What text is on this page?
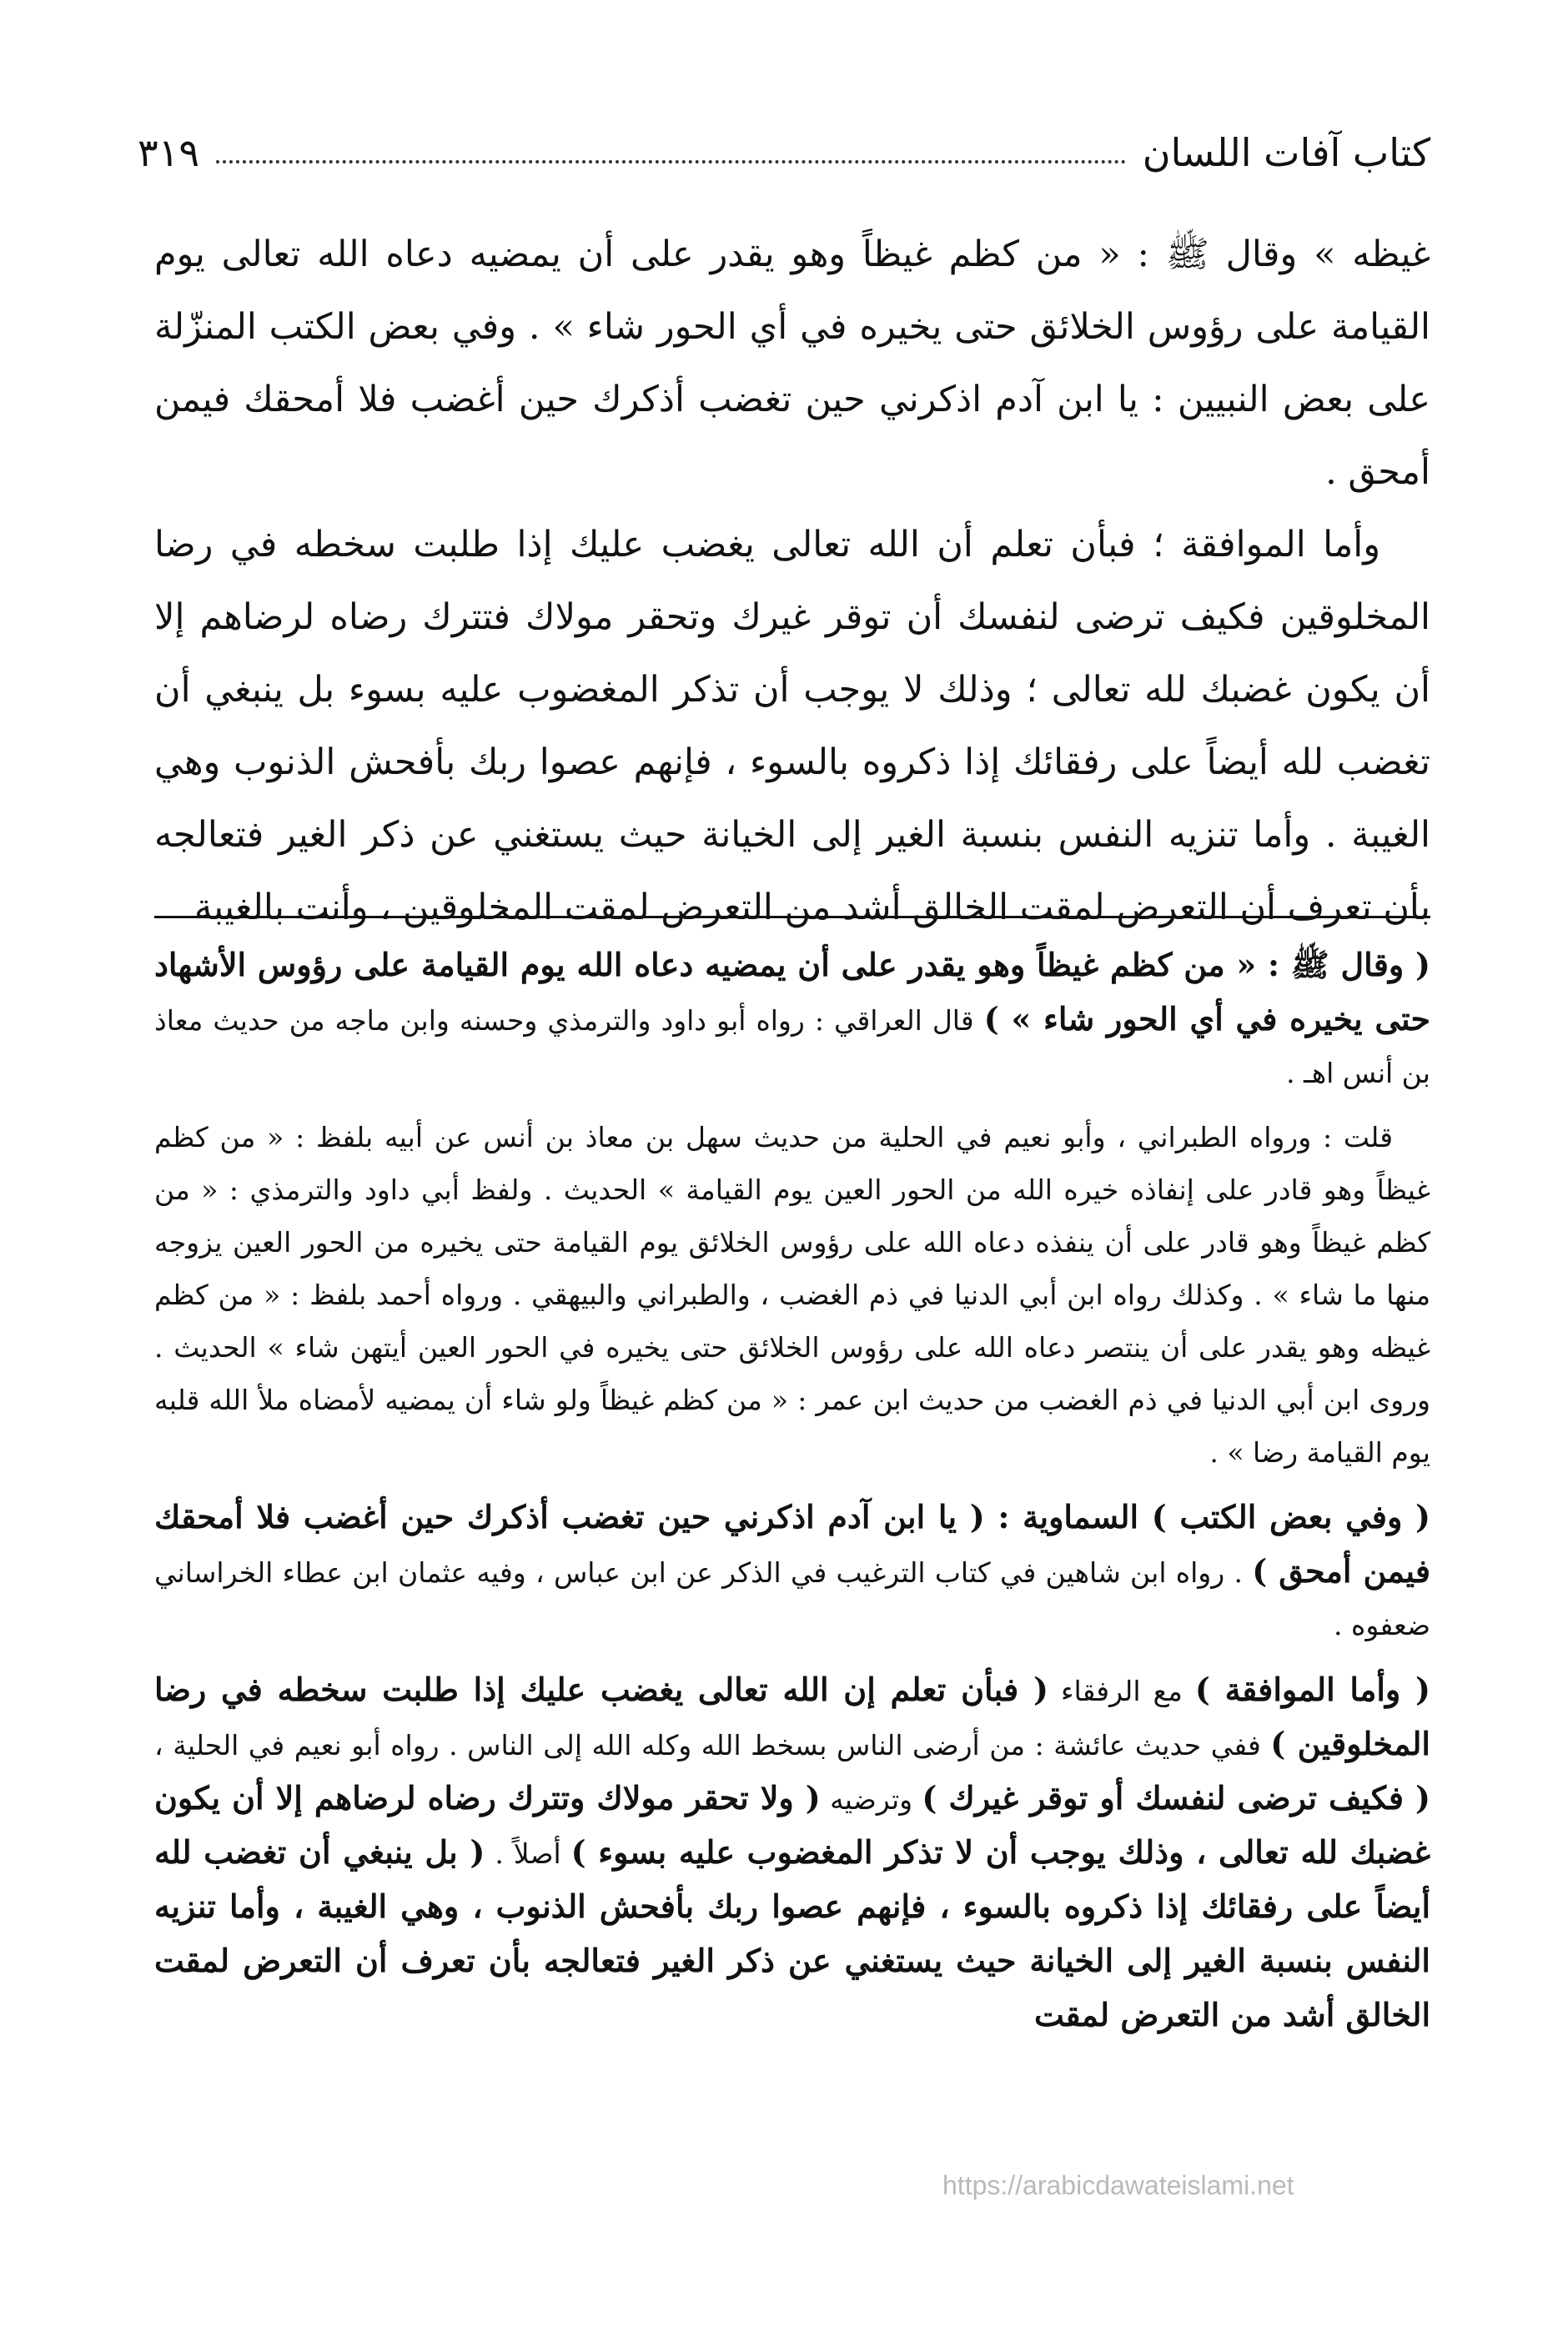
كتاب آفات اللسان
٣١٩

غيظه » وقال ﷺ : « من كظم غيظاً وهو يقدر على أن يمضيه دعاه الله تعالى يوم القيامة على رؤوس الخلائق حتى يخيره في أي الحور شاء » . وفي بعض الكتب المنزّلة على بعض النبيين : يا ابن آدم اذكرني حين تغضب أذكرك حين أغضب فلا أمحقك فيمن أمحق .

وأما الموافقة ؛ فبأن تعلم أن الله تعالى يغضب عليك إذا طلبت سخطه في رضا المخلوقين فكيف ترضى لنفسك أن توقر غيرك وتحقر مولاك فتترك رضاه لرضاهم إلا أن يكون غضبك لله تعالى ؛ وذلك لا يوجب أن تذكر المغضوب عليه بسوء بل ينبغي أن تغضب لله أيضاً على رفقائك إذا ذكروه بالسوء ، فإنهم عصوا ربك بأفحش الذنوب وهي الغيبة . وأما تنزيه النفس بنسبة الغير إلى الخيانة حيث يستغني عن ذكر الغير فتعالجه بأن تعرف أن التعرض لمقت الخالق أشد من التعرض لمقت المخلوقين ، وأنت بالغيبة

( وقال ﷺ : « من كظم غيظاً وهو يقدر على أن يمضيه دعاه الله يوم القيامة على رؤوس الأشهاد حتى يخيره في أي الحور شاء » ) قال العراقي : رواه أبو داود والترمذي وحسنه وابن ماجه من حديث معاذ بن أنس اهـ .

قلت : ورواه الطبراني ، وأبو نعيم في الحلية من حديث سهل بن معاذ بن أنس عن أبيه بلفظ : « من كظم غيظاً وهو قادر على إنفاذه خيره الله من الحور العين يوم القيامة » الحديث . ولفظ أبي داود والترمذي : « من كظم غيظاً وهو قادر على أن ينفذه دعاه الله على رؤوس الخلائق يوم القيامة حتى يخيره من الحور العين يزوجه منها ما شاء » . وكذلك رواه ابن أبي الدنيا في ذم الغضب ، والطبراني والبيهقي . ورواه أحمد بلفظ : « من كظم غيظه وهو يقدر على أن ينتصر دعاه الله على رؤوس الخلائق حتى يخيره في الحور العين أيتهن شاء » الحديث . وروى ابن أبي الدنيا في ذم الغضب من حديث ابن عمر : « من كظم غيظاً ولو شاء أن يمضيه لأمضاه ملأ الله قلبه يوم القيامة رضا » .

( وفي بعض الكتب ) السماوية : ( يا ابن آدم اذكرني حين تغضب أذكرك حين أغضب فلا أمحقك فيمن أمحق ) . رواه ابن شاهين في كتاب الترغيب في الذكر عن ابن عباس ، وفيه عثمان ابن عطاء الخراساني ضعفوه .

( وأما الموافقة ) مع الرفقاء ( فبأن تعلم إن الله تعالى يغضب عليك إذا طلبت سخطه في رضا المخلوقين ) ففي حديث عائشة : من أرضى الناس بسخط الله وكله الله إلى الناس . رواه أبو نعيم في الحلية ، ( فكيف ترضى لنفسك أو توقر غيرك ) وترضيه ( ولا تحقر مولاك وتترك رضاه لرضاهم إلا أن يكون غضبك لله تعالى ، وذلك يوجب أن لا تذكر المغضوب عليه بسوء ) أصلاً . ( بل ينبغي أن تغضب لله أيضاً على رفقائك إذا ذكروه بالسوء ، فإنهم عصوا ربك بأفحش الذنوب ، وهي الغيبة ، وأما تنزيه النفس بنسبة الغير إلى الخيانة حيث يستغني عن ذكر الغير فتعالجه بأن تعرف أن التعرض لمقت الخالق أشد من التعرض لمقت

https://arabicdawateislami.net
